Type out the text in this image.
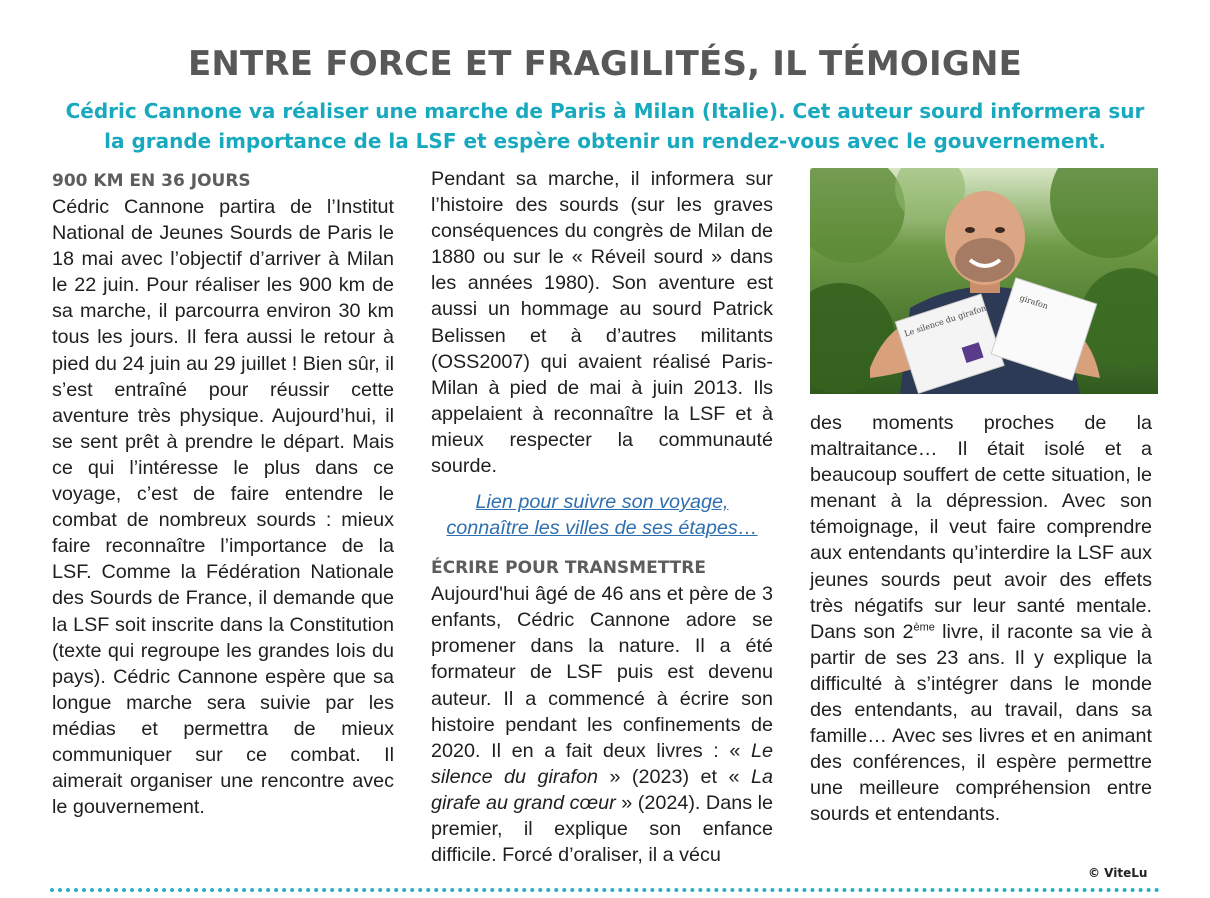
ENTRE FORCE ET FRAGILITÉS, IL TÉMOIGNE

Cédric Cannone va réaliser une marche de Paris à Milan (Italie). Cet auteur sourd informera sur la grande importance de la LSF et espère obtenir un rendez-vous avec le gouvernement.

900 KM EN 36 JOURS

Cédric Cannone partira de l’Institut National de Jeunes Sourds de Paris le 18 mai avec l’objectif d’arriver à Milan le 22 juin. Pour réaliser les 900 km de sa marche, il parcourra environ 30 km tous les jours. Il fera aussi le retour à pied du 24 juin au 29 juillet ! Bien sûr, il s’est entraîné pour réussir cette aventure très physique. Aujourd’hui, il se sent prêt à prendre le départ. Mais ce qui l’intéresse le plus dans ce voyage, c’est de faire entendre le combat de nombreux sourds : mieux faire reconnaître l’importance de la LSF. Comme la Fédération Nationale des Sourds de France, il demande que la LSF soit inscrite dans la Constitution (texte qui regroupe les grandes lois du pays). Cédric Cannone espère que sa longue marche sera suivie par les médias et permettra de mieux communiquer sur ce combat. Il aimerait organiser une rencontre avec le gouvernement.

Pendant sa marche, il informera sur l’histoire des sourds (sur les graves conséquences du congrès de Milan de 1880 ou sur le « Réveil sourd » dans les années 1980). Son aventure est aussi un hommage au sourd Patrick Belissen et à d’autres militants (OSS2007) qui avaient réalisé Paris-Milan à pied de mai à juin 2013. Ils appelaient à reconnaître la LSF et à mieux respecter la communauté sourde.

Lien pour suivre son voyage,
connaître les villes de ses étapes…
ÉCRIRE POUR TRANSMETTRE

Aujourd'hui âgé de 46 ans et père de 3 enfants, Cédric Cannone adore se promener dans la nature. Il a été formateur de LSF puis est devenu auteur. Il a commencé à écrire son histoire pendant les confinements de 2020. Il en a fait deux livres : « Le silence du girafon » (2023) et « La girafe au grand cœur » (2024). Dans le premier, il explique son enfance difficile. Forcé d’oraliser, il a vécu

Le silence du girafon
girafon

des moments proches de la maltraitance… Il était isolé et a beaucoup souffert de cette situation, le menant à la dépression. Avec son témoignage, il veut faire comprendre aux entendants qu’interdire la LSF aux jeunes sourds peut avoir des effets très négatifs sur leur santé mentale. Dans son 2ème livre, il raconte sa vie à partir de ses 23 ans. Il y explique la difficulté à s’intégrer dans le monde des entendants, au travail, dans sa famille… Avec ses livres et en animant des conférences, il espère permettre une meilleure compréhension entre sourds et entendants.

© ViteLu
